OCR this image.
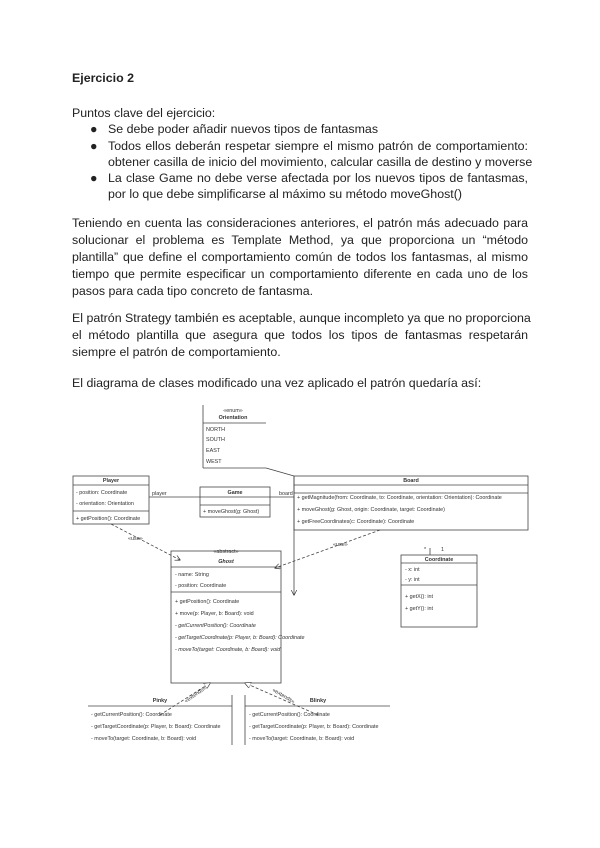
Ejercicio 2
Puntos clave del ejercicio:
● Se debe poder añadir nuevos tipos de fantasmas
● Todos ellos deberán respetar siempre el mismo patrón de comportamiento:
obtener casilla de inicio del movimiento, calcular casilla de destino y moverse
● La clase Game no debe verse afectada por los nuevos tipos de fantasmas,
por lo que debe simplificarse al máximo su método moveGhost()
Teniendo en cuenta las consideraciones anteriores, el patrón más adecuado para
solucionar el problema es Template Method, ya que proporciona un “método
plantilla” que define el comportamiento común de todos los fantasmas, al mismo
tiempo que permite especificar un comportamiento diferente en cada uno de los
pasos para cada tipo concreto de fantasma.
El patrón Strategy también es aceptable, aunque incompleto ya que no proporciona
el método plantilla que asegura que todos los tipos de fantasmas respetarán
siempre el patrón de comportamiento.
El diagrama de clases modificado una vez aplicado el patrón quedaría así:
«enum»
Orientation
NORTH
SOUTH
EAST
WEST
Player
- position: Coordinate
- orientation: Orientation
+ getPosition(): Coordinate
Game
+ moveGhost(g: Ghost)
Board
+ getMagnitude(from: Coordinate, to: Coordinate, orientation: Orientation): Coordinate
+ moveGhost(g: Ghost, origin: Coordinate, target: Coordinate)
+ getFreeCoordinates(c: Coordinate): Coordinate
«abstract»
Ghost
- name: String
- position: Coordinate
+ getPosition(): Coordinate
+ move(p: Player, b: Board): void
- getCurrentPosition(): Coordinate
- getTargetCoordinate(p: Player, b: Board): Coordinate
- moveTo(target: Coordinate, b: Board): void
Coordinate
- x: int
- y: int
+ getX(): int
+ getY(): int
Pinky
- getCurrentPosition(): Coordinate
- getTargetCoordinate(p: Player, b: Board): Coordinate
- moveTo(target: Coordinate, b: Board): void
Blinky
- getCurrentPosition(): Coordinate
- getTargetCoordinate(p: Player, b: Board): Coordinate
- moveTo(target: Coordinate, b: Board): void
player	board
«use»
«use»
*	1
«extends»	«extends»
